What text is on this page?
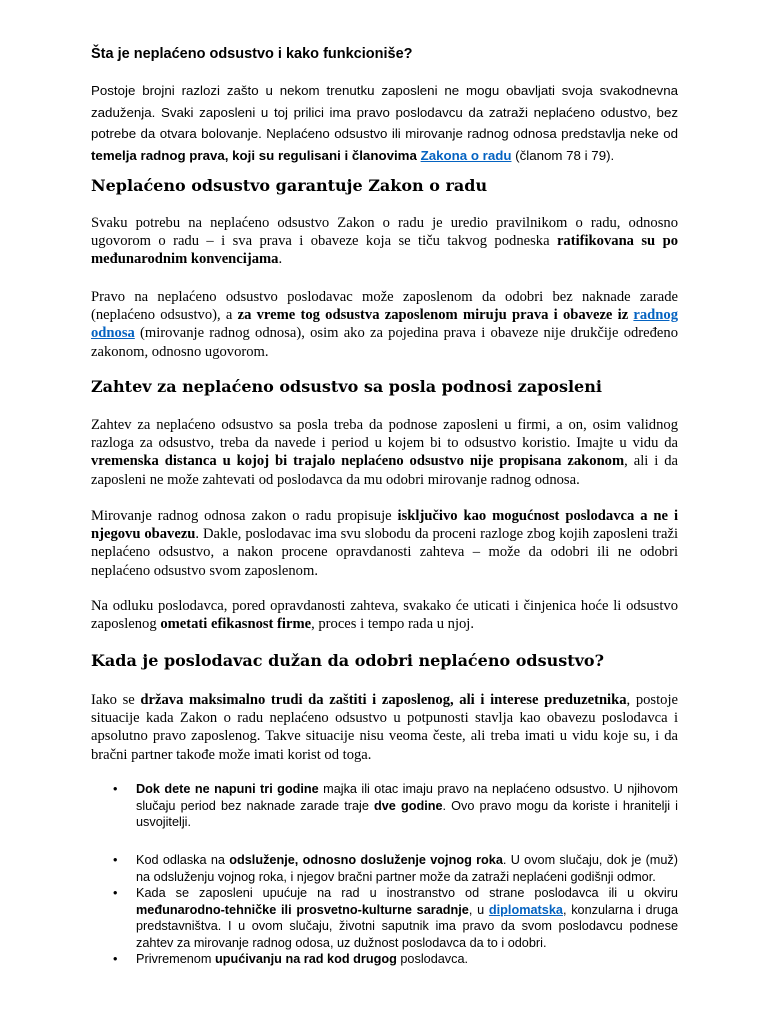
Šta je neplaćeno odsustvo i kako funkcioniše?

Postoje brojni razlozi zašto u nekom trenutku zaposleni ne mogu obavljati svoja svakodnevna zaduženja. Svaki zaposleni u toj prilici ima pravo poslodavcu da zatraži neplaćeno odustvo, bez potrebe da otvara bolovanje. Neplaćeno odsustvo ili mirovanje radnog odnosa predstavlja neke od temelja radnog prava, koji su regulisani i članovima Zakona o radu (članom 78 i 79).

Neplaćeno odsustvo garantuje Zakon o radu

Svaku potrebu na neplaćeno odsustvo Zakon o radu je uredio pravilnikom o radu, odnosno ugovorom o radu – i sva prava i obaveze koja se tiču takvog podneska ratifikovana su po međunarodnim konvencijama.

Pravo na neplaćeno odsustvo poslodavac može zaposlenom da odobri bez naknade zarade (neplaćeno odsustvo), a za vreme tog odsustva zaposlenom miruju prava i obaveze iz radnog odnosa (mirovanje radnog odnosa), osim ako za pojedina prava i obaveze nije drukčije određeno zakonom, odnosno ugovorom.

Zahtev za neplaćeno odsustvo sa posla podnosi zaposleni

Zahtev za neplaćeno odsustvo sa posla treba da podnose zaposleni u firmi, a on, osim validnog razloga za odsustvo, treba da navede i period u kojem bi to odsustvo koristio. Imajte u vidu da vremenska distanca u kojoj bi trajalo neplaćeno odsustvo nije propisana zakonom, ali i da zaposleni ne može zahtevati od poslodavca da mu odobri mirovanje radnog odnosa.

Mirovanje radnog odnosa zakon o radu propisuje isključivo kao mogućnost poslodavca a ne i njegovu obavezu. Dakle, poslodavac ima svu slobodu da proceni razloge zbog kojih zaposleni traži neplaćeno odsustvo, a nakon procene opravdanosti zahteva – može da odobri ili ne odobri neplaćeno odsustvo svom zaposlenom.

Na odluku poslodavca, pored opravdanosti zahteva, svakako će uticati i činjenica hoće li odsustvo zaposlenog ometati efikasnost firme, proces i tempo rada u njoj.

Kada je poslodavac dužan da odobri neplaćeno odsustvo?

Iako se država maksimalno trudi da zaštiti i zaposlenog, ali i interese preduzetnika, postoje situacije kada Zakon o radu neplaćeno odsustvo u potpunosti stavlja kao obavezu poslodavca i apsolutno pravo zaposlenog. Takve situacije nisu veoma česte, ali treba imati u vidu koje su, i da bračni partner takođe može imati korist od toga.

• Dok dete ne napuni tri godine majka ili otac imaju pravo na neplaćeno odsustvo. U njihovom slučaju period bez naknade zarade traje dve godine. Ovo pravo mogu da koriste i hranitelji i usvojitelji.
• Kod odlaska na odsluženje, odnosno dosluženje vojnog roka. U ovom slučaju, dok je (muž) na odsluženju vojnog roka, i njegov bračni partner može da zatraži neplaćeni godišnji odmor.
• Kada se zaposleni upućuje na rad u inostranstvo od strane poslodavca ili u okviru međunarodno-tehničke ili prosvetno-kulturne saradnje, u diplomatska, konzularna i druga predstavništva. I u ovom slučaju, životni saputnik ima pravo da svom poslodavcu podnese zahtev za mirovanje radnog odosa, uz dužnost poslodavca da to i odobri.
• Privremenom upućivanju na rad kod drugog poslodavca.
